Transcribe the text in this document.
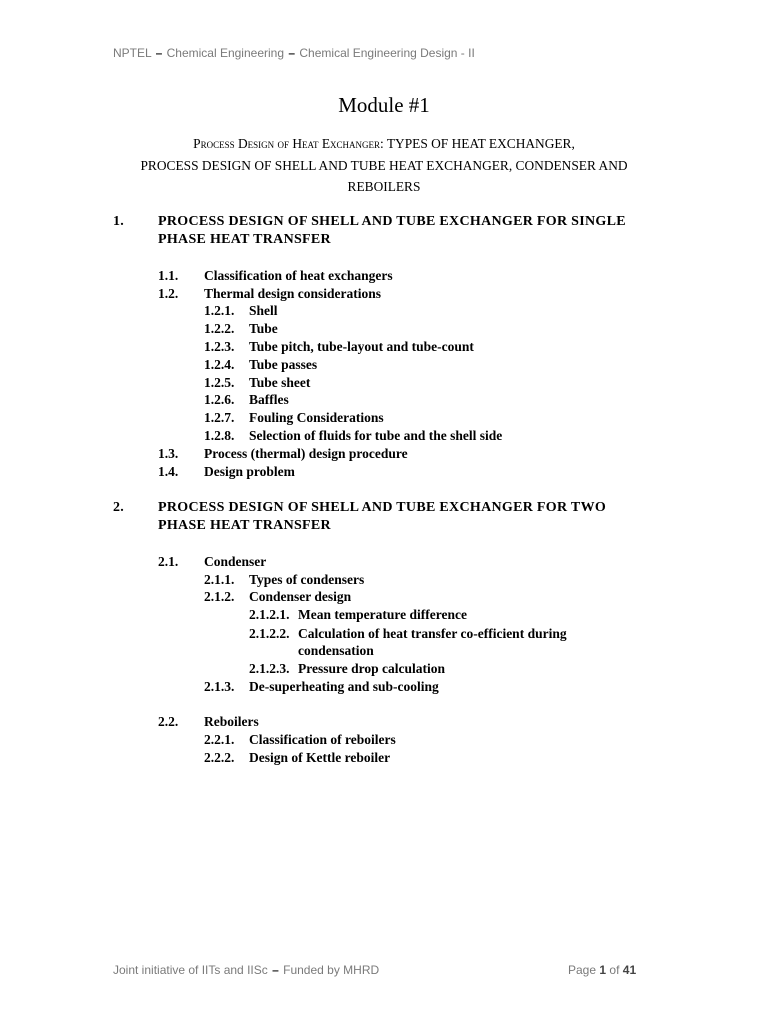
NPTEL – Chemical Engineering – Chemical Engineering Design - II
Module #1
Process Design of Heat Exchanger: TYPES OF HEAT EXCHANGER,
PROCESS DESIGN OF SHELL AND TUBE HEAT EXCHANGER, CONDENSER AND
REBOILERS
1. PROCESS DESIGN OF SHELL AND TUBE EXCHANGER FOR SINGLE
PHASE HEAT TRANSFER
1.1. Classification of heat exchangers
1.2. Thermal design considerations
1.2.1. Shell
1.2.2. Tube
1.2.3. Tube pitch, tube-layout and tube-count
1.2.4. Tube passes
1.2.5. Tube sheet
1.2.6. Baffles
1.2.7. Fouling Considerations
1.2.8. Selection of fluids for tube and the shell side
1.3. Process (thermal) design procedure
1.4. Design problem
2. PROCESS DESIGN OF SHELL AND TUBE EXCHANGER FOR TWO
PHASE HEAT TRANSFER
2.1. Condenser
2.1.1. Types of condensers
2.1.2. Condenser design
2.1.2.1. Mean temperature difference
2.1.2.2. Calculation of heat transfer co-efficient during
condensation
2.1.2.3. Pressure drop calculation
2.1.3. De-superheating and sub-cooling
2.2. Reboilers
2.2.1. Classification of reboilers
2.2.2. Design of Kettle reboiler
Joint initiative of IITs and IISc – Funded by MHRD	Page 1 of 41
